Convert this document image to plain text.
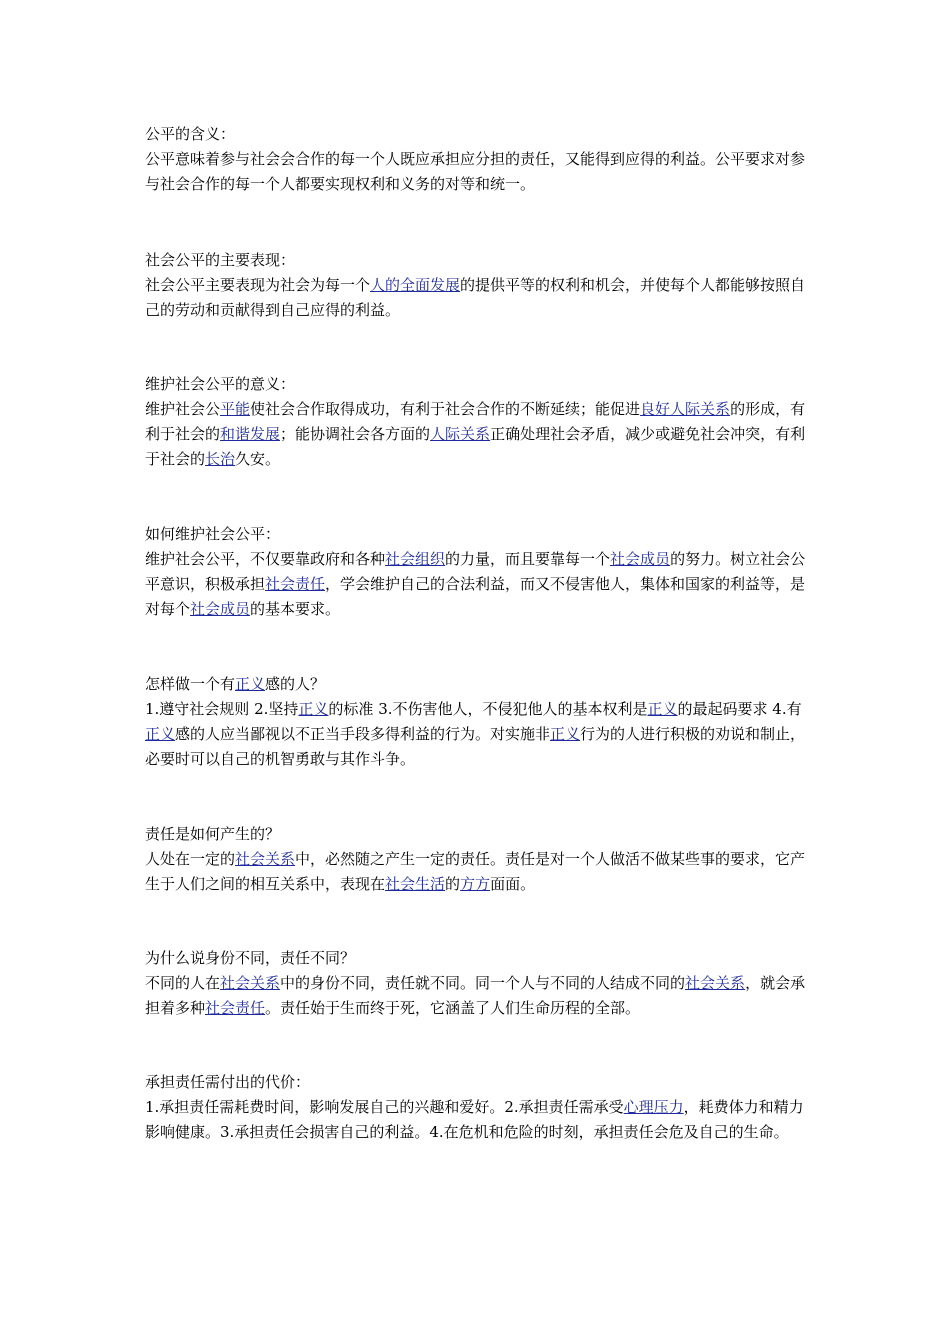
公平的含义：

公平意味着参与社会会合作的每一个人既应承担应分担的责任，又能得到应得的利益。公平要求对参与社会合作的每一个人都要实现权利和义务的对等和统一。

社会公平的主要表现：

社会公平主要表现为社会为每一个人的全面发展的提供平等的权利和机会，并使每个人都能够按照自己的劳动和贡献得到自己应得的利益。

维护社会公平的意义：

维护社会公平能使社会合作取得成功，有利于社会合作的不断延续；能促进良好人际关系的形成，有利于社会的和谐发展；能协调社会各方面的人际关系正确处理社会矛盾，减少或避免社会冲突，有利于社会的长治久安。

如何维护社会公平：

维护社会公平，不仅要靠政府和各种社会组织的力量，而且要靠每一个社会成员的努力。树立社会公平意识，积极承担社会责任，学会维护自己的合法利益，而又不侵害他人，集体和国家的利益等，是对每个社会成员的基本要求。

怎样做一个有正义感的人？

1.遵守社会规则 2.坚持正义的标准 3.不伤害他人，不侵犯他人的基本权利是正义的最起码要求 4.有正义感的人应当鄙视以不正当手段多得利益的行为。对实施非正义行为的人进行积极的劝说和制止，必要时可以自己的机智勇敢与其作斗争。

责任是如何产生的？

人处在一定的社会关系中，必然随之产生一定的责任。责任是对一个人做活不做某些事的要求，它产生于人们之间的相互关系中，表现在社会生活的方方面面。

为什么说身份不同，责任不同？

不同的人在社会关系中的身份不同，责任就不同。同一个人与不同的人结成不同的社会关系，就会承担着多种社会责任。责任始于生而终于死，它涵盖了人们生命历程的全部。

承担责任需付出的代价：

1.承担责任需耗费时间，影响发展自己的兴趣和爱好。2.承担责任需承受心理压力，耗费体力和精力影响健康。3.承担责任会损害自己的利益。4.在危机和危险的时刻，承担责任会危及自己的生命。
